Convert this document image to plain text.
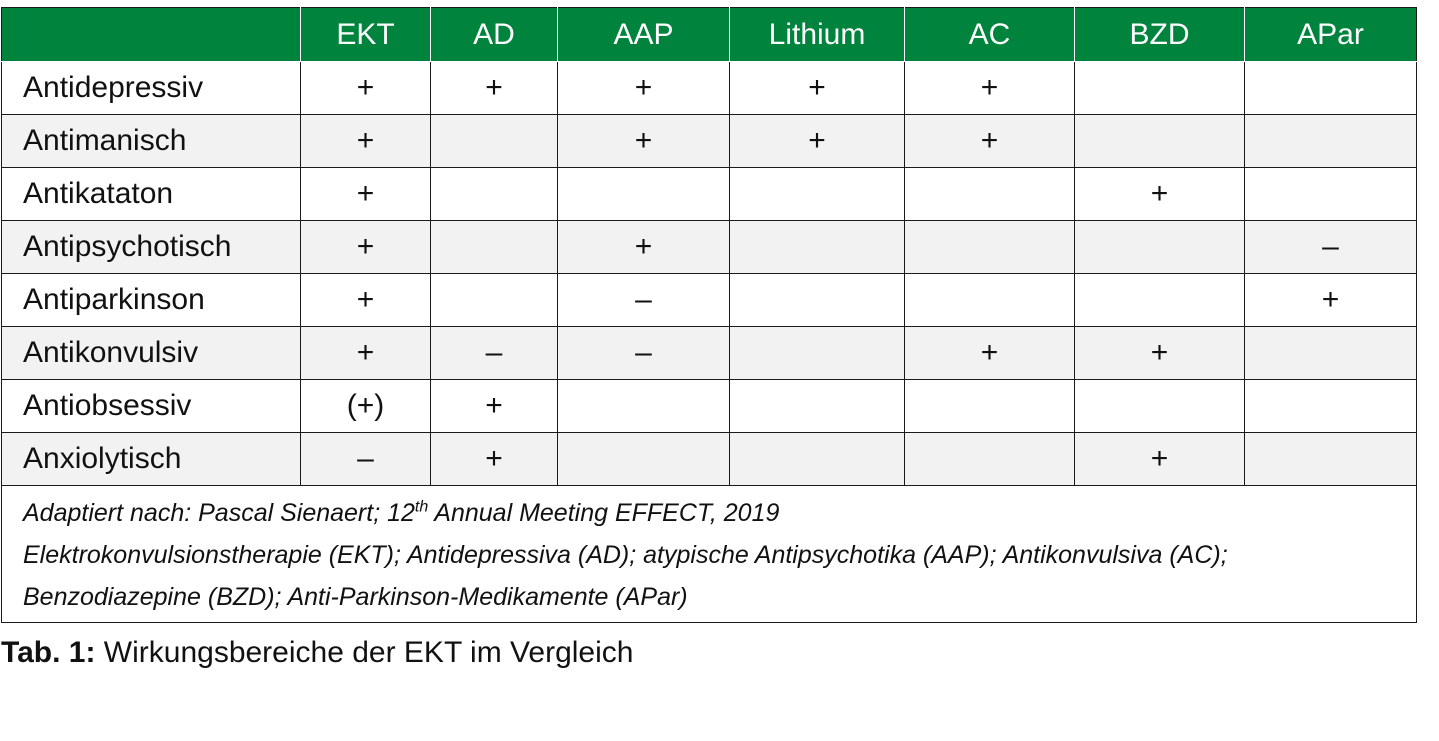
	EKT	AD	AAP	Lithium	AC	BZD	APar
Antidepressiv	+	+	+	+	+		
Antimanisch	+		+	+	+		
Antikataton	+					+	
Antipsychotisch	+		+				–
Antiparkinson	+		–				+
Antikonvulsiv	+	–	–		+	+	
Antiobsessiv	(+)	+					
Anxiolytisch	–	+				+	

Adaptiert nach: Pascal Sienaert; 12th Annual Meeting EFFECT, 2019
Elektrokonvulsionstherapie (EKT); Antidepressiva (AD); atypische Antipsychotika (AAP); Antikonvulsiva (AC);
Benzodiazepine (BZD); Anti-Parkinson-Medikamente (APar)							
Tab. 1: Wirkungsbereiche der EKT im Vergleich
